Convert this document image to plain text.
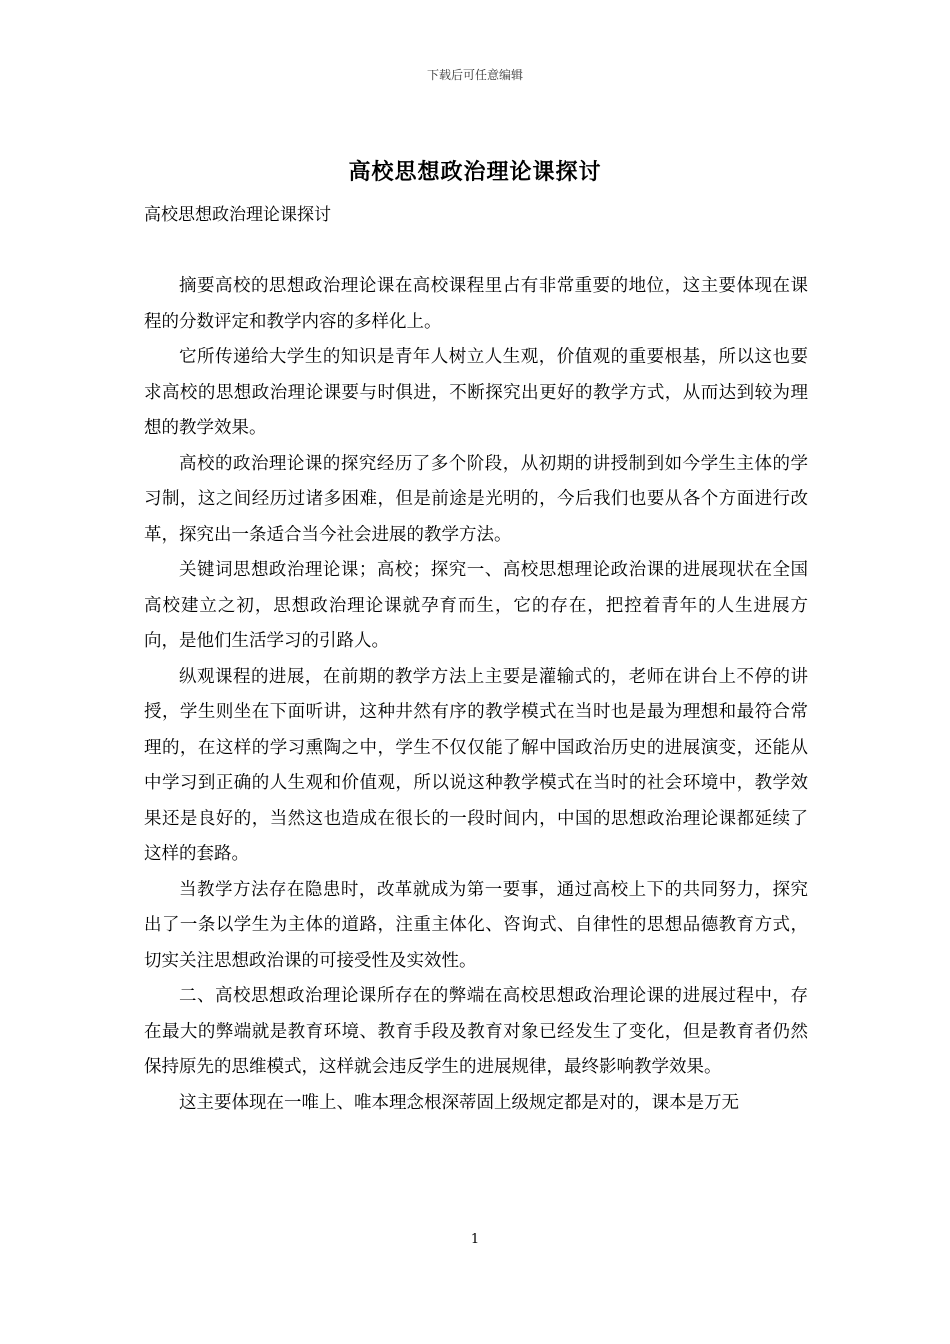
下载后可任意编辑
高校思想政治理论课探讨
高校思想政治理论课探讨

摘要高校的思想政治理论课在高校课程里占有非常重要的地位，这主要体现在课程的分数评定和教学内容的多样化上。

它所传递给大学生的知识是青年人树立人生观，价值观的重要根基，所以这也要求高校的思想政治理论课要与时俱进，不断探究出更好的教学方式，从而达到较为理想的教学效果。

高校的政治理论课的探究经历了多个阶段，从初期的讲授制到如今学生主体的学习制，这之间经历过诸多困难，但是前途是光明的，今后我们也要从各个方面进行改革，探究出一条适合当今社会进展的教学方法。

关键词思想政治理论课；高校；探究一、高校思想理论政治课的进展现状在全国高校建立之初，思想政治理论课就孕育而生，它的存在，把控着青年的人生进展方向，是他们生活学习的引路人。

纵观课程的进展，在前期的教学方法上主要是灌输式的，老师在讲台上不停的讲授，学生则坐在下面听讲，这种井然有序的教学模式在当时也是最为理想和最符合常理的，在这样的学习熏陶之中，学生不仅仅能了解中国政治历史的进展演变，还能从中学习到正确的人生观和价值观，所以说这种教学模式在当时的社会环境中，教学效果还是良好的，当然这也造成在很长的一段时间内，中国的思想政治理论课都延续了这样的套路。

当教学方法存在隐患时，改革就成为第一要事，通过高校上下的共同努力，探究出了一条以学生为主体的道路，注重主体化、咨询式、自律性的思想品德教育方式，切实关注思想政治课的可接受性及实效性。

二、高校思想政治理论课所存在的弊端在高校思想政治理论课的进展过程中，存在最大的弊端就是教育环境、教育手段及教育对象已经发生了变化，但是教育者仍然保持原先的思维模式，这样就会违反学生的进展规律，最终影响教学效果。

这主要体现在一唯上、唯本理念根深蒂固上级规定都是对的，课本是万无

1
